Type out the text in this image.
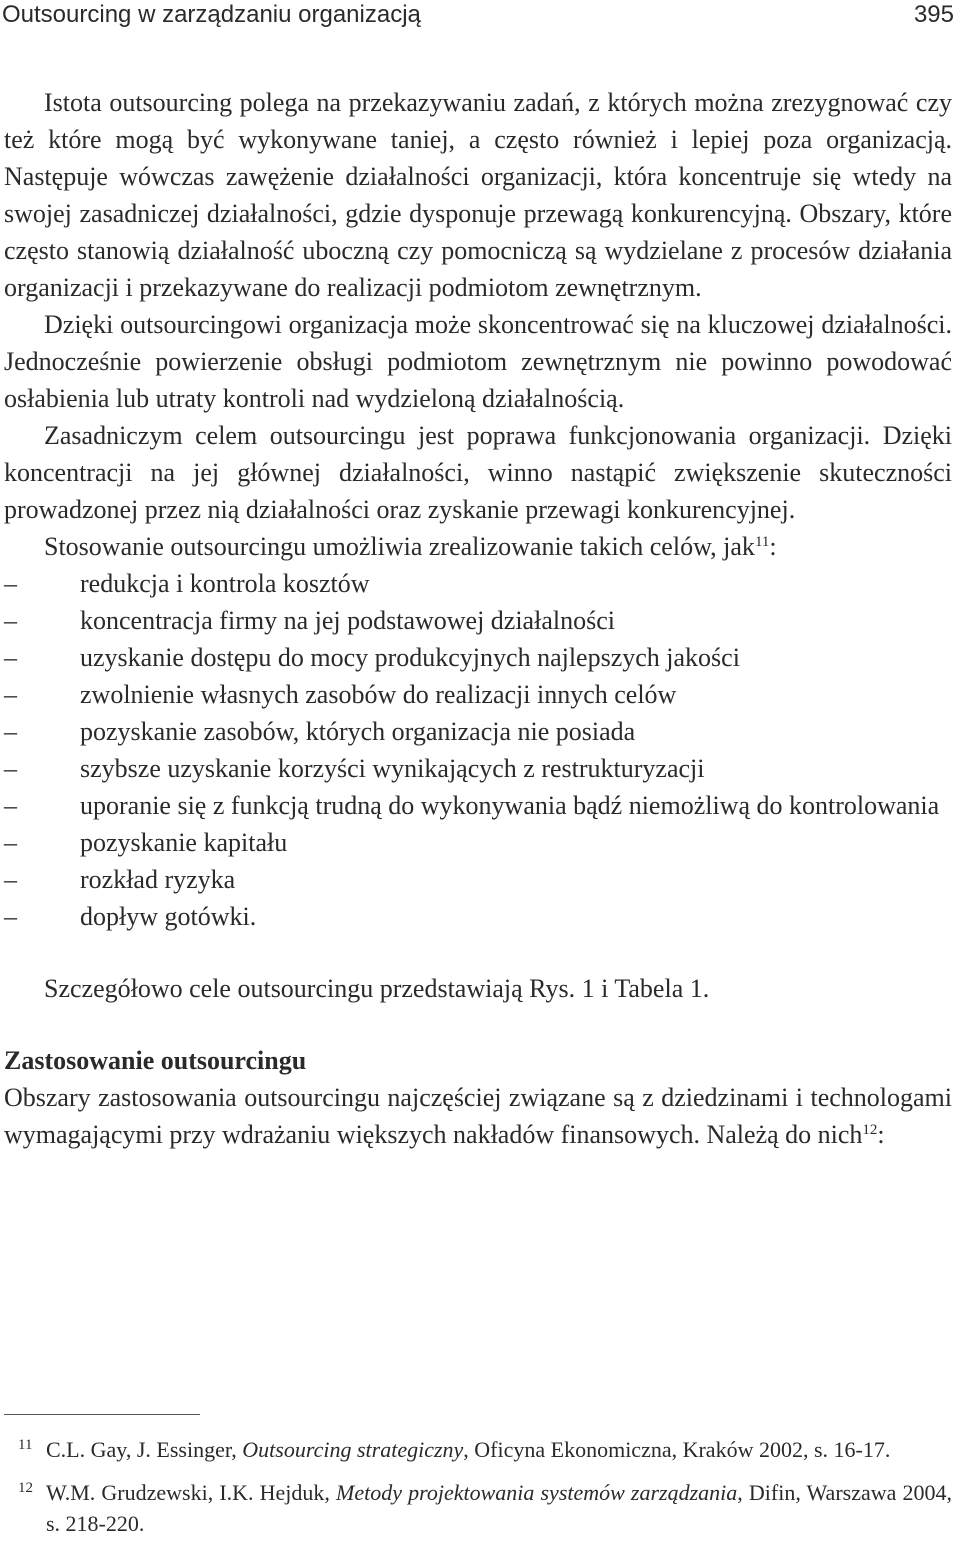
Outsourcing w zarządzaniu organizacją	395

Istota outsourcing polega na przekazywaniu zadań, z których można zrezygnować czy też które mogą być wykonywane taniej, a często również i lepiej poza organizacją. Następuje wówczas zawężenie działalności organizacji, która koncentruje się wtedy na swojej zasadniczej działalności, gdzie dysponuje przewagą konkurencyjną. Obszary, które często stanowią działalność uboczną czy pomocniczą są wydzielane z procesów działania organizacji i przekazywane do realizacji podmiotom zewnętrznym.

Dzięki outsourcingowi organizacja może skoncentrować się na kluczowej działalności. Jednocześnie powierzenie obsługi podmiotom zewnętrznym nie powinno powodować osłabienia lub utraty kontroli nad wydzieloną działalnością.

Zasadniczym celem outsourcingu jest poprawa funkcjonowania organizacji. Dzięki koncentracji na jej głównej działalności, winno nastąpić zwiększenie skuteczności prowadzonej przez nią działalności oraz zyskanie przewagi konkurencyjnej.

Stosowanie outsourcingu umożliwia zrealizowanie takich celów, jak$^{11}$:

–	redukcja i kontrola kosztów
–	koncentracja firmy na jej podstawowej działalności
–	uzyskanie dostępu do mocy produkcyjnych najlepszych jakości
–	zwolnienie własnych zasobów do realizacji innych celów
–	pozyskanie zasobów, których organizacja nie posiada
–	szybsze uzyskanie korzyści wynikających z restrukturyzacji
–	uporanie się z funkcją trudną do wykonywania bądź niemożliwą do kontrolowania
–	pozyskanie kapitału
–	rozkład ryzyka
–	dopływ gotówki.

Szczegółowo cele outsourcingu przedstawiają Rys. 1 i Tabela 1.

Zastosowanie outsourcingu

Obszary zastosowania outsourcingu najczęściej związane są z dziedzinami i technologami wymagającymi przy wdrażaniu większych nakładów finansowych. Należą do nich$^{12}$:

11 C.L. Gay, J. Essinger, Outsourcing strategiczny, Oficyna Ekonomiczna, Kraków 2002, s. 16-17.

12 W.M. Grudzewski, I.K. Hejduk, Metody projektowania systemów zarządzania, Difin, Warszawa 2004, s. 218-220.
